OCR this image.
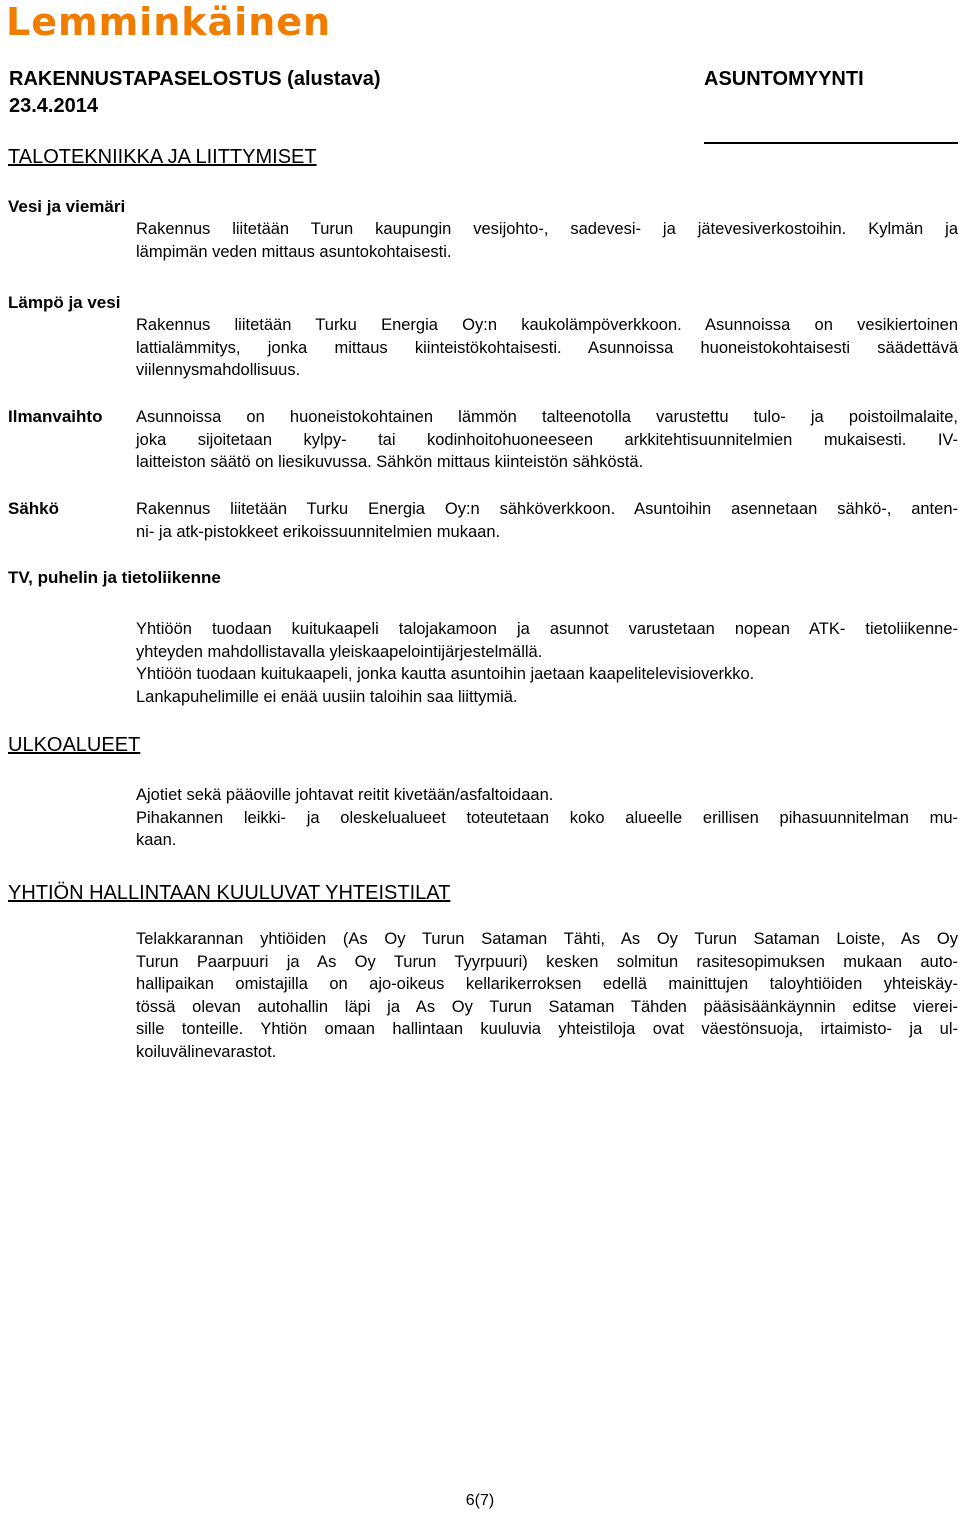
Lemminkäinen
RAKENNUSTAPASELOSTUS (alustava)
23.4.2014
ASUNTOMYYNTI
TALOTEKNIIKKA JA LIITTYMISET
Vesi ja viemäri
Rakennus liitetään Turun kaupungin vesijohto-, sadevesi- ja jätevesiverkostoihin. Kylmän ja
lämpimän veden mittaus asuntokohtaisesti.
Lämpö ja vesi
Rakennus liitetään Turku Energia Oy:n kaukolämpöverkkoon. Asunnoissa on vesikiertoinen
lattialämmitys, jonka mittaus kiinteistökohtaisesti. Asunnoissa huoneistokohtaisesti säädettävä
viilennysmahdollisuus.
Ilmanvaihto Asunnoissa on huoneistokohtainen lämmön talteenotolla varustettu tulo- ja poistoilmalaite,
joka sijoitetaan kylpy- tai kodinhoitohuoneeseen arkkitehtisuunnitelmien mukaisesti. IV-
laitteiston säätö on liesikuvussa. Sähkön mittaus kiinteistön sähköstä.
Sähkö	Rakennus liitetään Turku Energia Oy:n sähköverkkoon. Asuntoihin asennetaan sähkö-, anten-
ni- ja atk-pistokkeet erikoissuunnitelmien mukaan.
TV, puhelin ja tietoliikenne
Yhtiöön tuodaan kuitukaapeli talojakamoon ja asunnot varustetaan nopean ATK- tietoliikenne-
yhteyden mahdollistavalla yleiskaapelointijärjestelmällä.
Yhtiöön tuodaan kuitukaapeli, jonka kautta asuntoihin jaetaan kaapelitelevisioverkko.
Lankapuhelimille ei enää uusiin taloihin saa liittymiä.
ULKOALUEET
Ajotiet sekä pääoville johtavat reitit kivetään/asfaltoidaan.
Pihakannen leikki- ja oleskelualueet toteutetaan koko alueelle erillisen pihasuunnitelman mu-
kaan.
YHTIÖN HALLINTAAN KUULUVAT YHTEISTILAT
Telakkarannan yhtiöiden (As Oy Turun Sataman Tähti, As Oy Turun Sataman Loiste, As Oy
Turun Paarpuuri ja As Oy Turun Tyyrpuuri) kesken solmitun rasitesopimuksen mukaan auto-
hallipaikan omistajilla on ajo-oikeus kellarikerroksen edellä mainittujen taloyhtiöiden yhteiskäy-
tössä olevan autohallin läpi ja As Oy Turun Sataman Tähden pääsisäänkäynnin editse vierei-
sille tonteille. Yhtiön omaan hallintaan kuuluvia yhteistiloja ovat väestönsuoja, irtaimisto- ja ul-
koiluvälinevarastot.
6(7)
